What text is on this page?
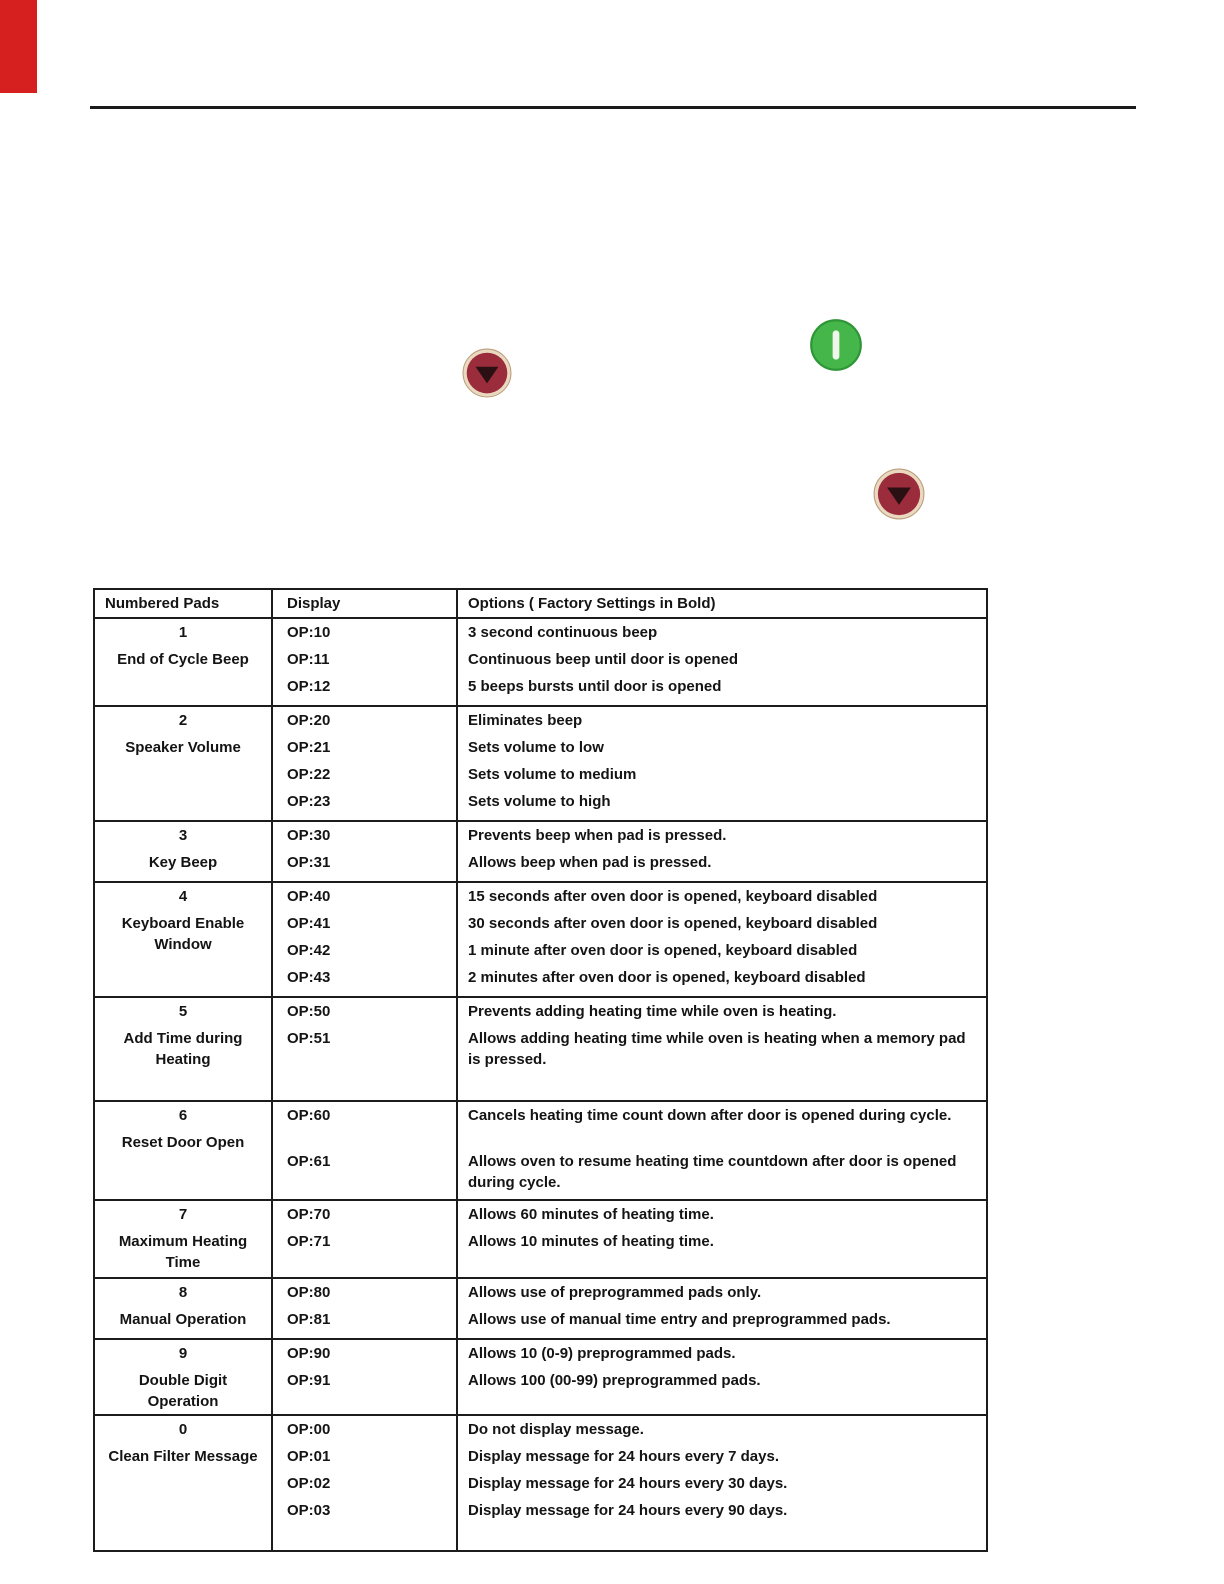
Numbered Pads	Display	Options ( Factory Settings in Bold)
1
End of Cycle Beep
OP:10
OP:11
OP:12
3 second continuous beep
Continuous beep until door is opened
5 beeps bursts until door is opened
2
Speaker Volume
OP:20
OP:21
OP:22
OP:23
Eliminates beep
Sets volume to low
Sets volume to medium
Sets volume to high
3
Key Beep
OP:30
OP:31
Prevents beep when pad is pressed.
Allows beep when pad is pressed.
4
Keyboard Enable Window
OP:40
OP:41
OP:42
OP:43
15 seconds after oven door is opened, keyboard disabled
30 seconds after oven door is opened, keyboard disabled
1 minute after oven door is opened, keyboard disabled
2 minutes after oven door is opened, keyboard disabled
5
Add Time during Heating
OP:50
OP:51
Prevents adding heating time while oven is heating.
Allows adding heating time while oven is heating when a memory pad is pressed.
6
Reset Door Open
OP:60
OP:61
Cancels heating time count down after door is opened during cycle.
Allows oven to resume heating time countdown after door is opened during cycle.
7
Maximum Heating Time
OP:70
OP:71
Allows 60 minutes of heating time.
Allows 10 minutes of heating time.
8
Manual Operation
OP:80
OP:81
Allows use of preprogrammed pads only.
Allows use of manual time entry and preprogrammed pads.
9
Double Digit Operation
OP:90
OP:91
Allows 10 (0-9) preprogrammed pads.
Allows 100 (00-99) preprogrammed pads.
0
Clean Filter Message
OP:00
OP:01
OP:02
OP:03
Do not display message.
Display message for 24 hours every 7 days.
Display message for 24 hours every 30 days.
Display message for 24 hours every 90 days.
